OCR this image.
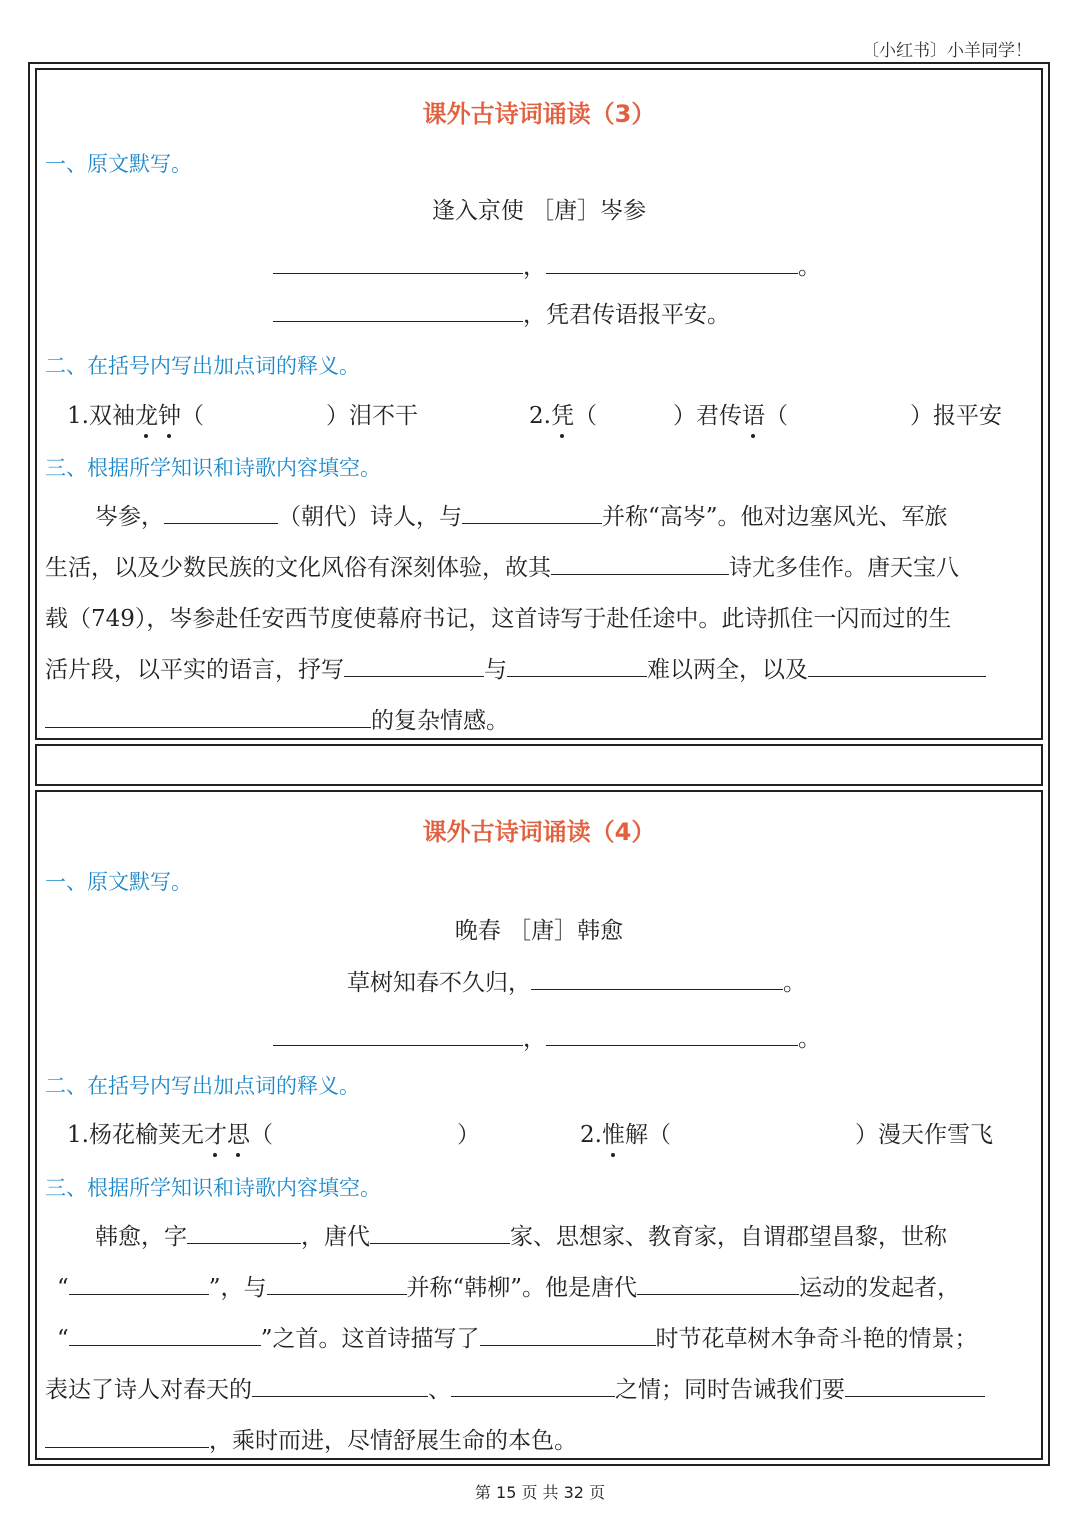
〔小红书〕小羊同学！
课外古诗词诵读（3）
一、原文默写。
逢入京使 ［唐］岑参
，	。
，凭君传语报平安。
二、在括号内写出加点词的释义。
1.双袖龙钟（	）泪不干	2.凭（	）君传语（	）报平安
三、根据所学知识和诗歌内容填空。
岑参，	（朝代）诗人，与	并称“高岑”。他对边塞风光、军旅
生活，以及少数民族的文化风俗有深刻体验，故其	诗尤多佳作。唐天宝八
载（749），岑参赴任安西节度使幕府书记，这首诗写于赴任途中。此诗抓住一闪而过的生
活片段，以平实的语言，抒写	与	难以两全，以及
的复杂情感。
课外古诗词诵读（4）
一、原文默写。
晚春 ［唐］韩愈
草树知春不久归，	。
，	。
二、在括号内写出加点词的释义。
1.杨花榆荚无才思（	）	2.惟解（	）漫天作雪飞
三、根据所学知识和诗歌内容填空。
韩愈，字	，唐代	家、思想家、教育家，自谓郡望昌黎，世称
“	”，与	并称“韩柳”。他是唐代	运动的发起者，
“	”之首。这首诗描写了	时节花草树木争奇斗艳的情景；
表达了诗人对春天的	、	之情；同时告诫我们要
，乘时而进，尽情舒展生命的本色。
第 15 页 共 32 页
